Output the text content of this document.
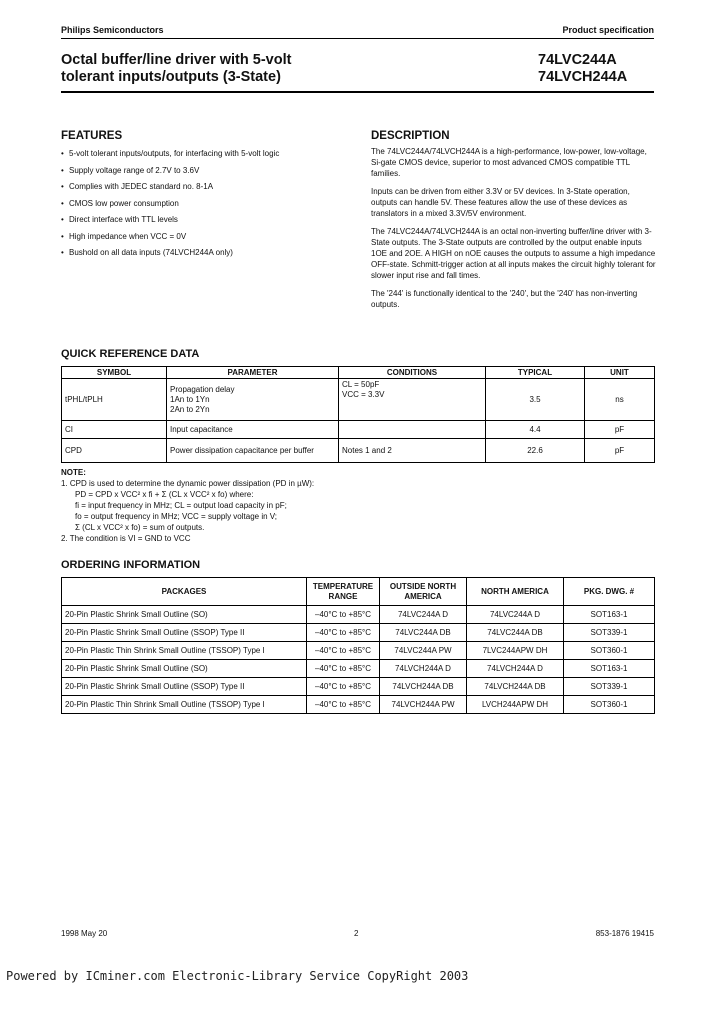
Philips Semiconductors	Product specification
Octal buffer/line driver with 5-volt
tolerant inputs/outputs (3-State)
74LVC244A
74LVCH244A
FEATURES
• 5-volt tolerant inputs/outputs, for interfacing with 5-volt logic
• Supply voltage range of 2.7V to 3.6V
• Complies with JEDEC standard no. 8-1A
• CMOS low power consumption
• Direct interface with TTL levels
• High impedance when VCC = 0V
• Bushold on all data inputs (74LVCH244A only)
DESCRIPTION

The 74LVC244A/74LVCH244A is a high-performance, low-power, low-voltage, Si-gate CMOS device, superior to most advanced CMOS compatible TTL families.

Inputs can be driven from either 3.3V or 5V devices. In 3-State operation, outputs can handle 5V. These features allow the use of these devices as translators in a mixed 3.3V/5V environment.

The 74LVC244A/74LVCH244A is an octal non-inverting buffer/line driver with 3-State outputs. The 3-State outputs are controlled by the output enable inputs 1OE and 2OE. A HIGH on nOE causes the outputs to assume a high impedance OFF-state. Schmitt-trigger action at all inputs makes the circuit highly tolerant for slower input rise and fall times.

The '244' is functionally identical to the '240', but the '240' has non-inverting outputs.

QUICK REFERENCE DATA
SYMBOL	PARAMETER	CONDITIONS	TYPICAL	UNIT
tPHL/tPLH	Propagation delay
1An to 1Yn
2An to 2Yn	CL = 50pF
VCC = 3.3V	3.5	ns
CI	Input capacitance		4.4	pF
CPD	Power dissipation capacitance per buffer	Notes 1 and 2	22.6	pF
NOTE:
1. CPD is used to determine the dynamic power dissipation (PD in µW):
PD = CPD x VCC² x fi + Σ (CL x VCC² x fo) where:
fi = input frequency in MHz; CL = output load capacity in pF;
fo = output frequency in MHz; VCC = supply voltage in V;
Σ (CL x VCC² x fo) = sum of outputs.
2. The condition is VI = GND to VCC
ORDERING INFORMATION
PACKAGES	TEMPERATURE RANGE	OUTSIDE NORTH AMERICA	NORTH AMERICA	PKG. DWG. #
20-Pin Plastic Shrink Small Outline (SO)	–40°C to +85°C	74LVC244A D	74LVC244A D	SOT163-1
20-Pin Plastic Shrink Small Outline (SSOP) Type II	–40°C to +85°C	74LVC244A DB	74LVC244A DB	SOT339-1
20-Pin Plastic Thin Shrink Small Outline (TSSOP) Type I	–40°C to +85°C	74LVC244A PW	7LVC244APW DH	SOT360-1
20-Pin Plastic Shrink Small Outline (SO)	–40°C to +85°C	74LVCH244A D	74LVCH244A D	SOT163-1
20-Pin Plastic Shrink Small Outline (SSOP) Type II	–40°C to +85°C	74LVCH244A DB	74LVCH244A DB	SOT339-1
20-Pin Plastic Thin Shrink Small Outline (TSSOP) Type I	–40°C to +85°C	74LVCH244A PW	LVCH244APW DH	SOT360-1
1998 May 20	2	853-1876 19415
Powered by ICminer.com Electronic-Library Service CopyRight 2003
